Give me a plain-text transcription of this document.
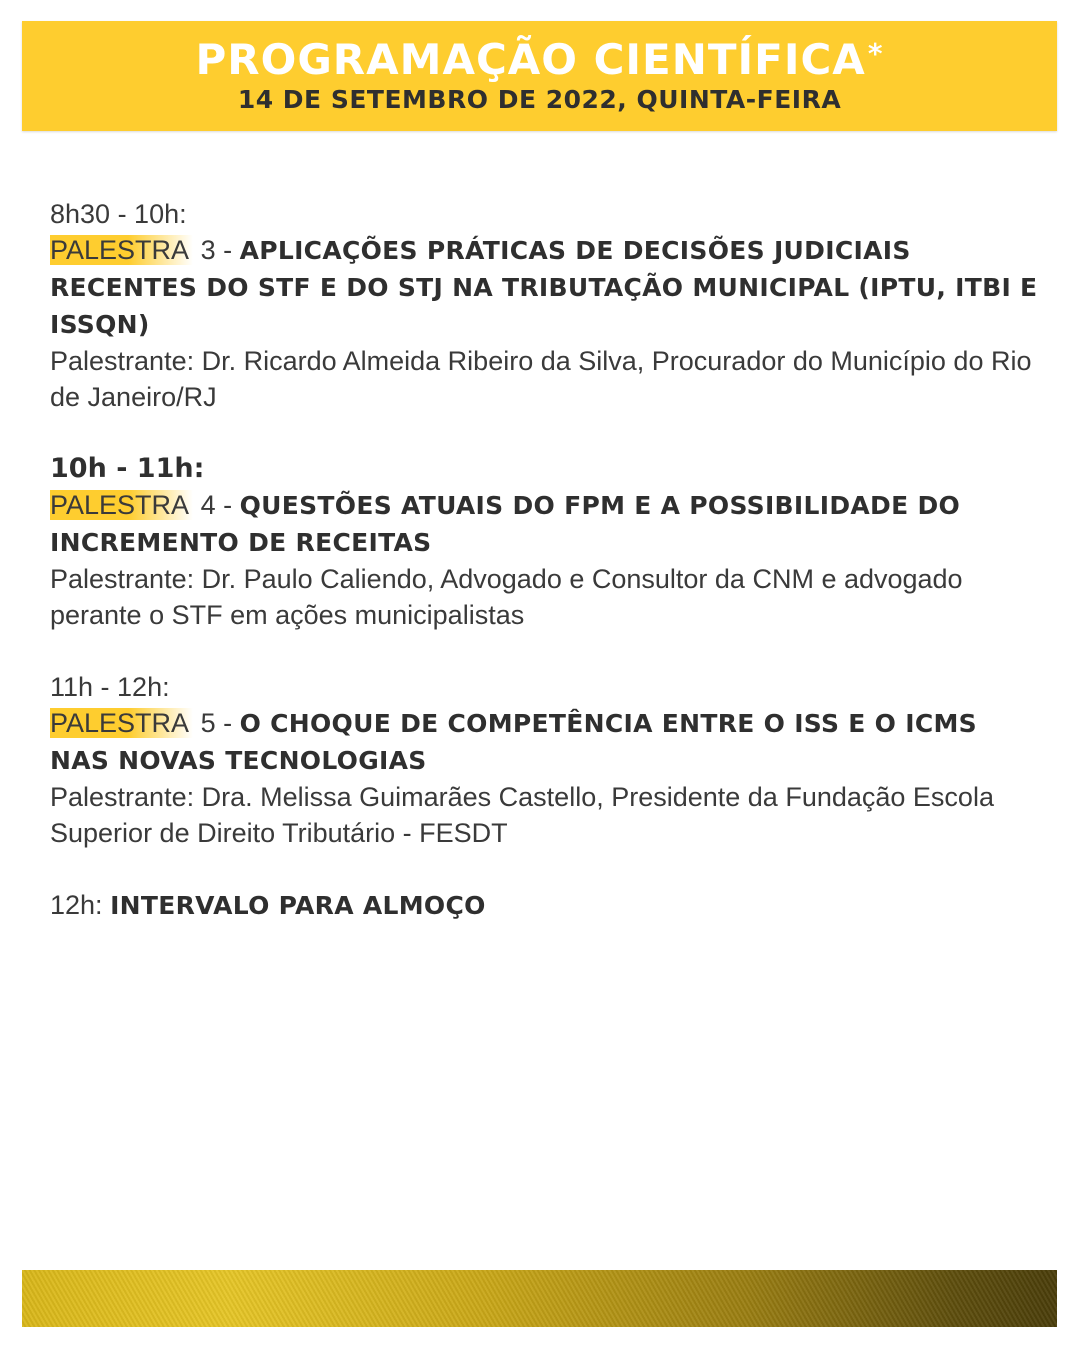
PROGRAMAÇÃO CIENTÍFICA*
14 DE SETEMBRO DE 2022, QUINTA-FEIRA
8h30 - 10h:
PALESTRA 3 - APLICAÇÕES PRÁTICAS DE DECISÕES JUDICIAIS RECENTES DO STF E DO STJ NA TRIBUTAÇÃO MUNICIPAL (IPTU, ITBI E ISSQN)
Palestrante: Dr. Ricardo Almeida Ribeiro da Silva, Procurador do Município do Rio de Janeiro/RJ
10h - 11h:
PALESTRA 4 - QUESTÕES ATUAIS DO FPM E A POSSIBILIDADE DO INCREMENTO DE RECEITAS
Palestrante: Dr. Paulo Caliendo, Advogado e Consultor da CNM e advogado perante o STF em ações municipalistas
11h - 12h:
PALESTRA 5 - O CHOQUE DE COMPETÊNCIA ENTRE O ISS E O ICMS NAS NOVAS TECNOLOGIAS
Palestrante: Dra. Melissa Guimarães Castello, Presidente da Fundação Escola Superior de Direito Tributário - FESDT
12h: INTERVALO PARA ALMOÇO
